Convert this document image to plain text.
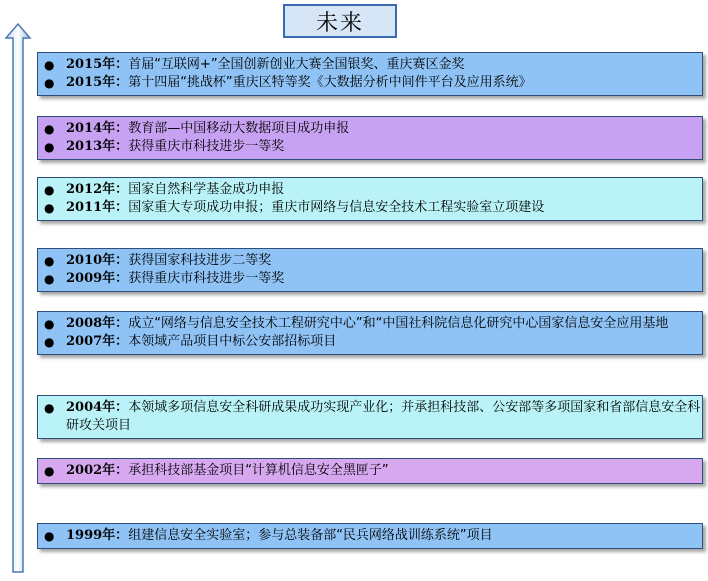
未来
● 2015年：首届“互联网+”全国创新创业大赛全国银奖、重庆赛区金奖
● 2015年：第十四届“挑战杯”重庆区特等奖《大数据分析中间件平台及应用系统》
● 2014年：教育部—中国移动大数据项目成功申报
● 2013年：获得重庆市科技进步一等奖
● 2012年：国家自然科学基金成功申报
● 2011年：国家重大专项成功申报；重庆市网络与信息安全技术工程实验室立项建设
● 2010年：获得国家科技进步二等奖
● 2009年：获得重庆市科技进步一等奖
● 2008年：成立“网络与信息安全技术工程研究中心”和“中国社科院信息化研究中心国家信息安全应用基地
● 2007年：本领域产品项目中标公安部招标项目
● 2004年：本领域多项信息安全科研成果成功实现产业化；并承担科技部、公安部等多项国家和省部信息安全科研攻关项目
● 2002年：承担科技部基金项目“计算机信息安全黑匣子”
● 1999年：组建信息安全实验室；参与总装备部“民兵网络战训练系统”项目
